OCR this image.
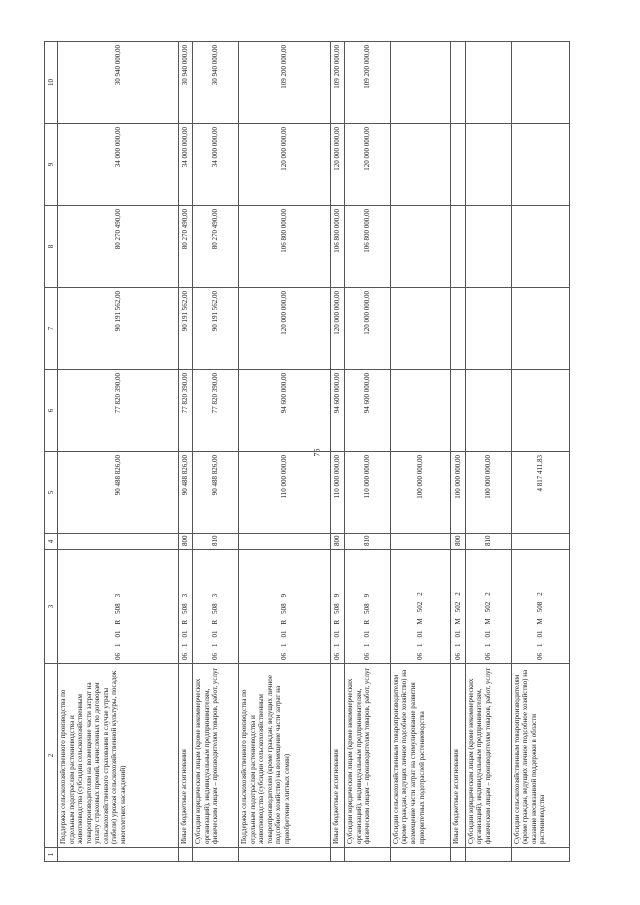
75
1	2	3	4	5	6	7	8	9	10
	Поддержка сельскохозяйственного производства по отдельным подотраслям растениеводства и животноводства (субсидии сельскохозяйственным товаропроизводителям на возмещение части затрат на уплату страховых премий, начисленных по договорам сельскохозяйственного страхования в случае утраты (гибели) урожая сельскохозяйственной культуры, посадок многолетних насаждений)	06101R5083		90 488 826,00	77 820 390,00	90 191 562,00	80 270 490,00	34 000 000,00	30 940 000,00
	Иные бюджетные ассигнования	06101R5083	800	90 488 826,00	77 820 390,00	90 191 562,00	80 270 490,00	34 000 000,00	30 940 000,00
	Субсидии юридическим лицам (кроме некоммерческих организаций), индивидуальным предпринимателям, физическим лицам – производителям товаров, работ, услуг	06101R5083	810	90 488 826,00	77 820 390,00	90 191 562,00	80 270 490,00	34 000 000,00	30 940 000,00
	Поддержка сельскохозяйственного производства по отдельным подотраслям растениеводства и животноводства (субсидии сельскохозяйственным товаропроизводителям (кроме граждан, ведущих личное подсобное хозяйство) на возмещение части затрат на приобретение элитных семян)	06101R5089		110 000 000,00	94 600 000,00	120 000 000,00	106 800 000,00	120 000 000,00	109 200 000,00
	Иные бюджетные ассигнования	06101R5089	800	110 000 000,00	94 600 000,00	120 000 000,00	106 800 000,00	120 000 000,00	109 200 000,00
	Субсидии юридическим лицам (кроме некоммерческих организаций), индивидуальным предпринимателям, физическим лицам – производителям товаров, работ, услуг	06101R5089	810	110 000 000,00	94 600 000,00	120 000 000,00	106 800 000,00	120 000 000,00	109 200 000,00
	Субсидии сельскохозяйственным товаропроизводителям (кроме граждан, ведущих личное подсобное хозяйство) на возмещение части затрат на стимулирование развития приоритетных подотраслей растениеводства	06101M5022		100 000 000,00					
	Иные бюджетные ассигнования	06101M5022	800	100 000 000,00					
	Субсидии юридическим лицам (кроме некоммерческих организаций), индивидуальным предпринимателям, физическим лицам – производителям товаров, работ, услуг	06101M5022	810	100 000 000,00					
	Субсидии сельскохозяйственным товаропроизводителям (кроме граждан, ведущих личное подсобное хозяйство) на оказание несвязанной поддержки в области растениеводства	06101M5082		4 817 411,83					
